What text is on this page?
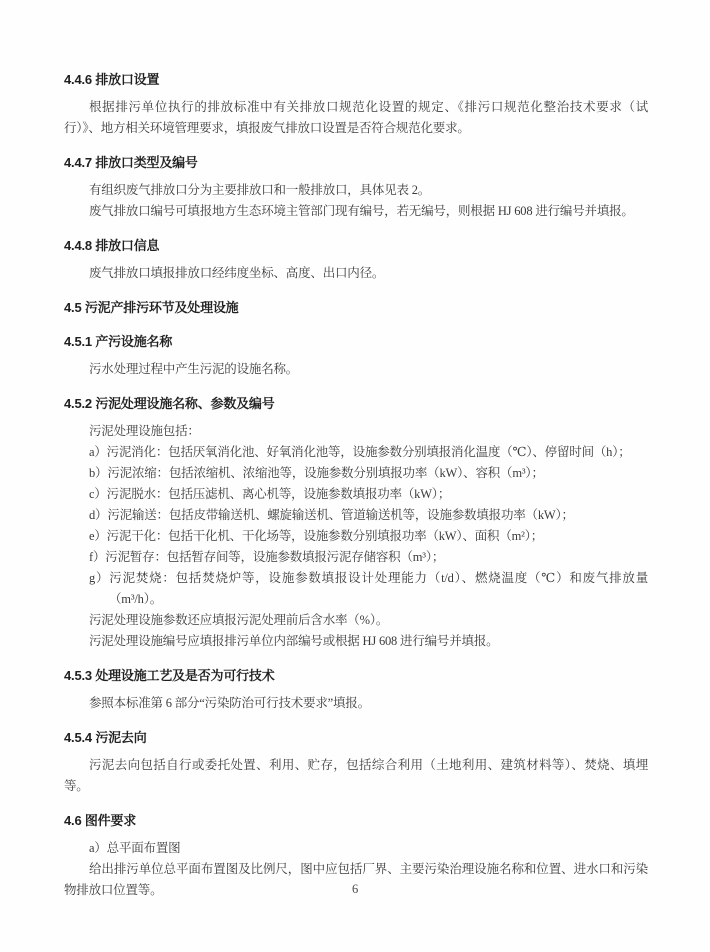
4.4.6 排放口设置

根据排污单位执行的排放标准中有关排放口规范化设置的规定、《排污口规范化整治技术要求（试行）》、地方相关环境管理要求，填报废气排放口设置是否符合规范化要求。

4.4.7 排放口类型及编号

有组织废气排放口分为主要排放口和一般排放口，具体见表 2。

废气排放口编号可填报地方生态环境主管部门现有编号，若无编号，则根据 HJ 608 进行编号并填报。

4.4.8 排放口信息

废气排放口填报排放口经纬度坐标、高度、出口内径。

4.5 污泥产排污环节及处理设施
4.5.1 产污设施名称

污水处理过程中产生污泥的设施名称。

4.5.2 污泥处理设施名称、参数及编号

污泥处理设施包括：

a）污泥消化：包括厌氧消化池、好氧消化池等，设施参数分别填报消化温度（℃）、停留时间（h）；

b）污泥浓缩：包括浓缩机、浓缩池等，设施参数分别填报功率（kW）、容积（m³）；

c）污泥脱水：包括压滤机、离心机等，设施参数填报功率（kW）；

d）污泥输送：包括皮带输送机、螺旋输送机、管道输送机等，设施参数填报功率（kW）；

e）污泥干化：包括干化机、干化场等，设施参数分别填报功率（kW）、面积（m²）；

f）污泥暂存：包括暂存间等，设施参数填报污泥存储容积（m³）；

g）污泥焚烧：包括焚烧炉等，设施参数填报设计处理能力（t/d）、燃烧温度（℃）和废气排放量（m³/h）。

污泥处理设施参数还应填报污泥处理前后含水率（%）。

污泥处理设施编号应填报排污单位内部编号或根据 HJ 608 进行编号并填报。

4.5.3 处理设施工艺及是否为可行技术

参照本标准第 6 部分“污染防治可行技术要求”填报。

4.5.4 污泥去向

污泥去向包括自行或委托处置、利用、贮存，包括综合利用（土地利用、建筑材料等）、焚烧、填埋等。

4.6 图件要求

a）总平面布置图

给出排污单位总平面布置图及比例尺，图中应包括厂界、主要污染治理设施名称和位置、进水口和污染物排放口位置等。	6
